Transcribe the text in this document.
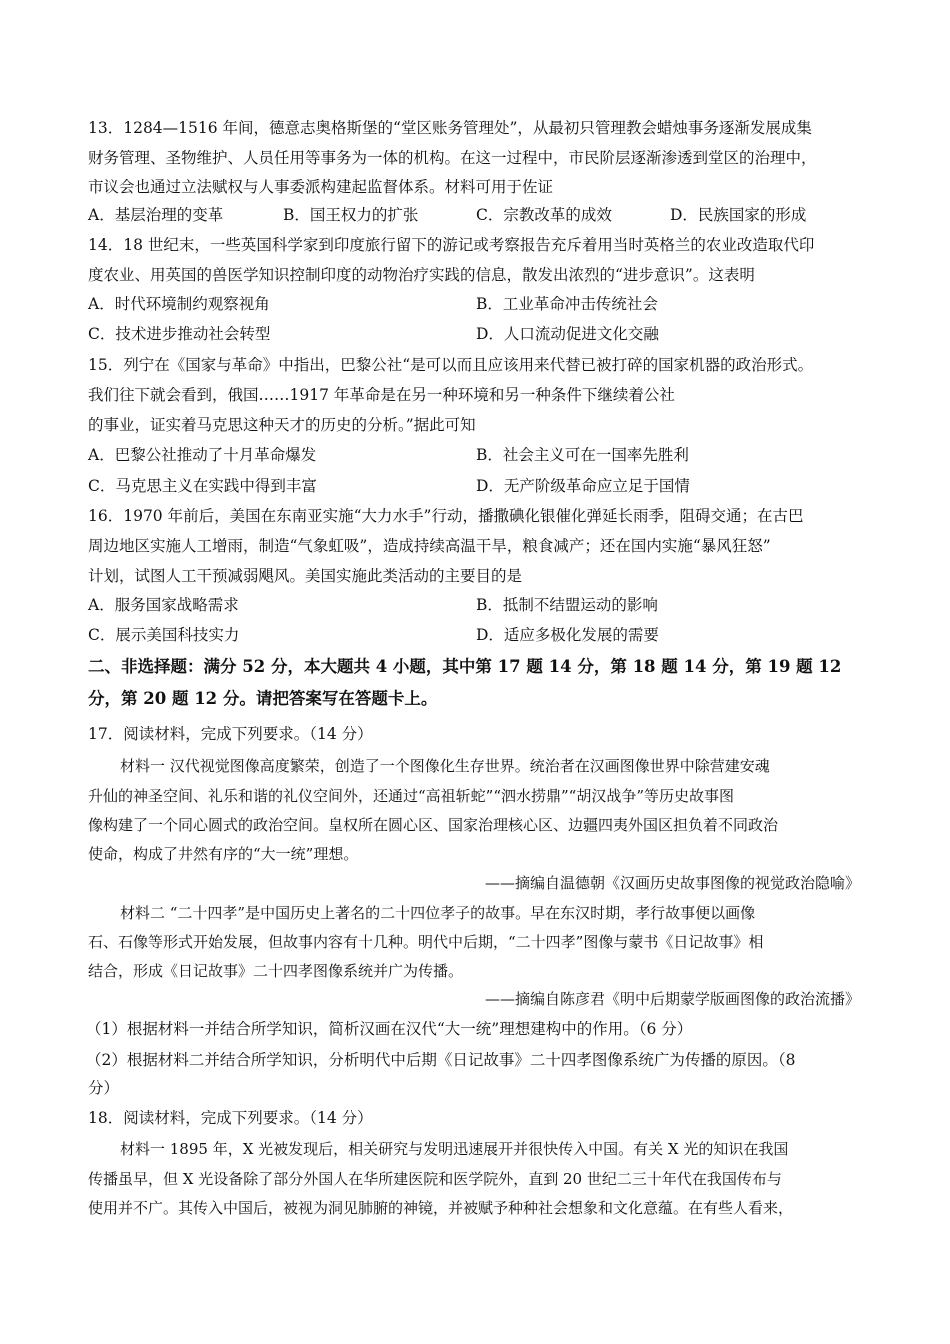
13．1284—1516 年间，德意志奥格斯堡的“堂区账务管理处”，从最初只管理教会蜡烛事务逐渐发展成集
财务管理、圣物维护、人员任用等事务为一体的机构。在这一过程中，市民阶层逐渐渗透到堂区的治理中，
市议会也通过立法赋权与人事委派构建起监督体系。材料可用于佐证
A．基层治理的变革	B．国王权力的扩张	C．宗教改革的成效	D．民族国家的形成
14．18 世纪末，一些英国科学家到印度旅行留下的游记或考察报告充斥着用当时英格兰的农业改造取代印
度农业、用英国的兽医学知识控制印度的动物治疗实践的信息，散发出浓烈的“进步意识”。这表明
A．时代环境制约观察视角	B．工业革命冲击传统社会
C．技术进步推动社会转型	D．人口流动促进文化交融
15．列宁在《国家与革命》中指出，巴黎公社“是可以而且应该用来代替已被打碎的国家机器的政治形式。
我们往下就会看到，俄国……1917 年革命是在另一种环境和另一种条件下继续着公社
的事业，证实着马克思这种天才的历史的分析。”据此可知
A．巴黎公社推动了十月革命爆发	B．社会主义可在一国率先胜利
C．马克思主义在实践中得到丰富	D．无产阶级革命应立足于国情
16．1970 年前后，美国在东南亚实施“大力水手”行动，播撒碘化银催化弹延长雨季，阻碍交通；在古巴
周边地区实施人工增雨，制造“气象虹吸”，造成持续高温干旱，粮食减产；还在国内实施“暴风狂怒”
计划，试图人工干预减弱飓风。美国实施此类活动的主要目的是
A．服务国家战略需求	B．抵制不结盟运动的影响
C．展示美国科技实力	D．适应多极化发展的需要
二、非选择题：满分 52 分，本大题共 4 小题，其中第 17 题 14 分，第 18 题 14 分，第 19 题 12
分，第 20 题 12 分。请把答案写在答题卡上。
17．阅读材料，完成下列要求。（14 分）
材料一 汉代视觉图像高度繁荣，创造了一个图像化生存世界。统治者在汉画图像世界中除营建安魂
升仙的神圣空间、礼乐和谐的礼仪空间外，还通过“高祖斩蛇”“泗水捞鼎”“胡汉战争”等历史故事图
像构建了一个同心圆式的政治空间。皇权所在圆心区、国家治理核心区、边疆四夷外国区担负着不同政治
使命，构成了井然有序的“大一统”理想。
——摘编自温德朝《汉画历史故事图像的视觉政治隐喻》
材料二 “二十四孝”是中国历史上著名的二十四位孝子的故事。早在东汉时期，孝行故事便以画像
石、石像等形式开始发展，但故事内容有十几种。明代中后期，“二十四孝”图像与蒙书《日记故事》相
结合，形成《日记故事》二十四孝图像系统并广为传播。
——摘编自陈彦君《明中后期蒙学版画图像的政治流播》
（1）根据材料一并结合所学知识，简析汉画在汉代“大一统”理想建构中的作用。（6 分）
（2）根据材料二并结合所学知识，分析明代中后期《日记故事》二十四孝图像系统广为传播的原因。（8
分）
18．阅读材料，完成下列要求。（14 分）
材料一 1895 年，X 光被发现后，相关研究与发明迅速展开并很快传入中国。有关 X 光的知识在我国
传播虽早，但 X 光设备除了部分外国人在华所建医院和医学院外，直到 20 世纪二三十年代在我国传布与
使用并不广。其传入中国后，被视为洞见肺腑的神镜，并被赋予种种社会想象和文化意蕴。在有些人看来，
